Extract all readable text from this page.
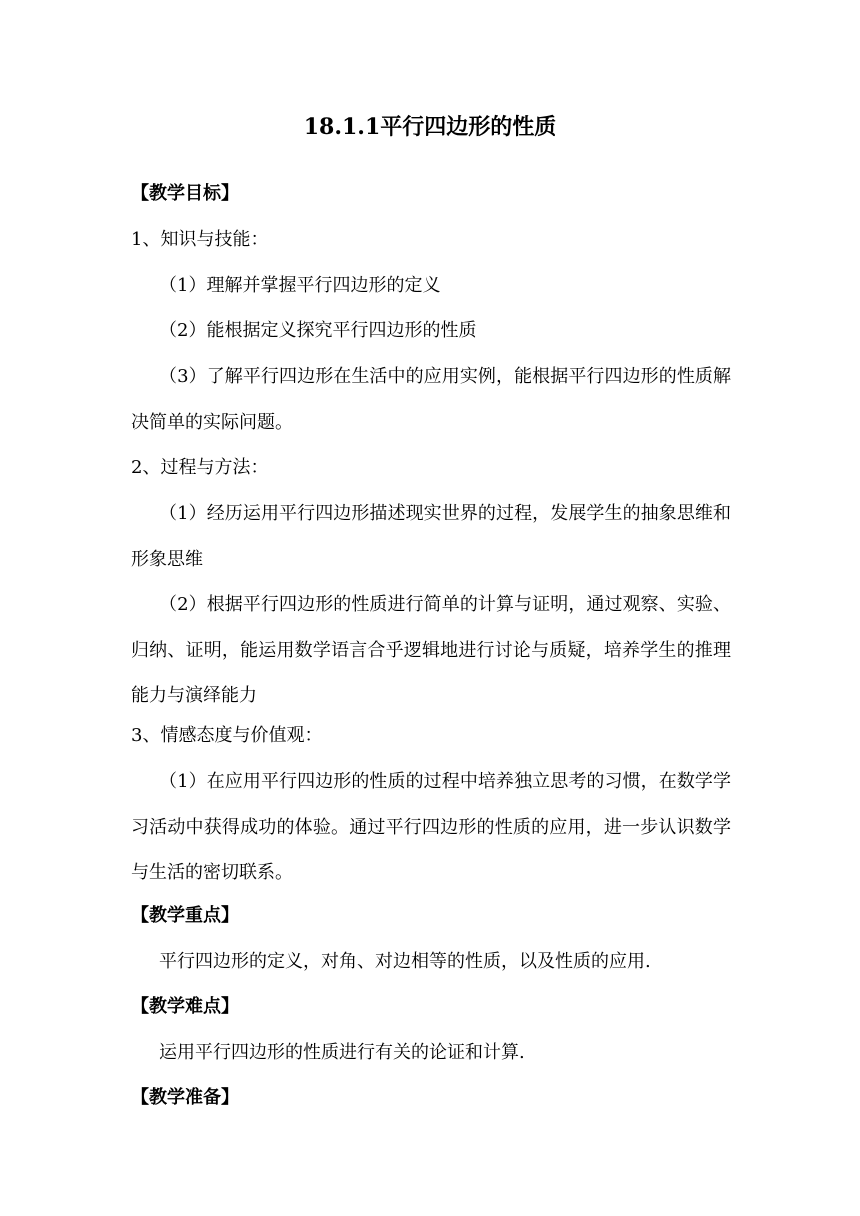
18.1.1平行四边形的性质
【教学目标】
1、知识与技能：
（1）理解并掌握平行四边形的定义
（2）能根据定义探究平行四边形的性质
（3）了解平行四边形在生活中的应用实例，能根据平行四边形的性质解决简单的实际问题。
2、过程与方法：
（1）经历运用平行四边形描述现实世界的过程，发展学生的抽象思维和形象思维
（2）根据平行四边形的性质进行简单的计算与证明，通过观察、实验、归纳、证明，能运用数学语言合乎逻辑地进行讨论与质疑，培养学生的推理能力与演绎能力
3、情感态度与价值观：
（1）在应用平行四边形的性质的过程中培养独立思考的习惯，在数学学习活动中获得成功的体验。通过平行四边形的性质的应用，进一步认识数学与生活的密切联系。
【教学重点】
平行四边形的定义，对角、对边相等的性质，以及性质的应用.
【教学难点】
运用平行四边形的性质进行有关的论证和计算.
【教学准备】
